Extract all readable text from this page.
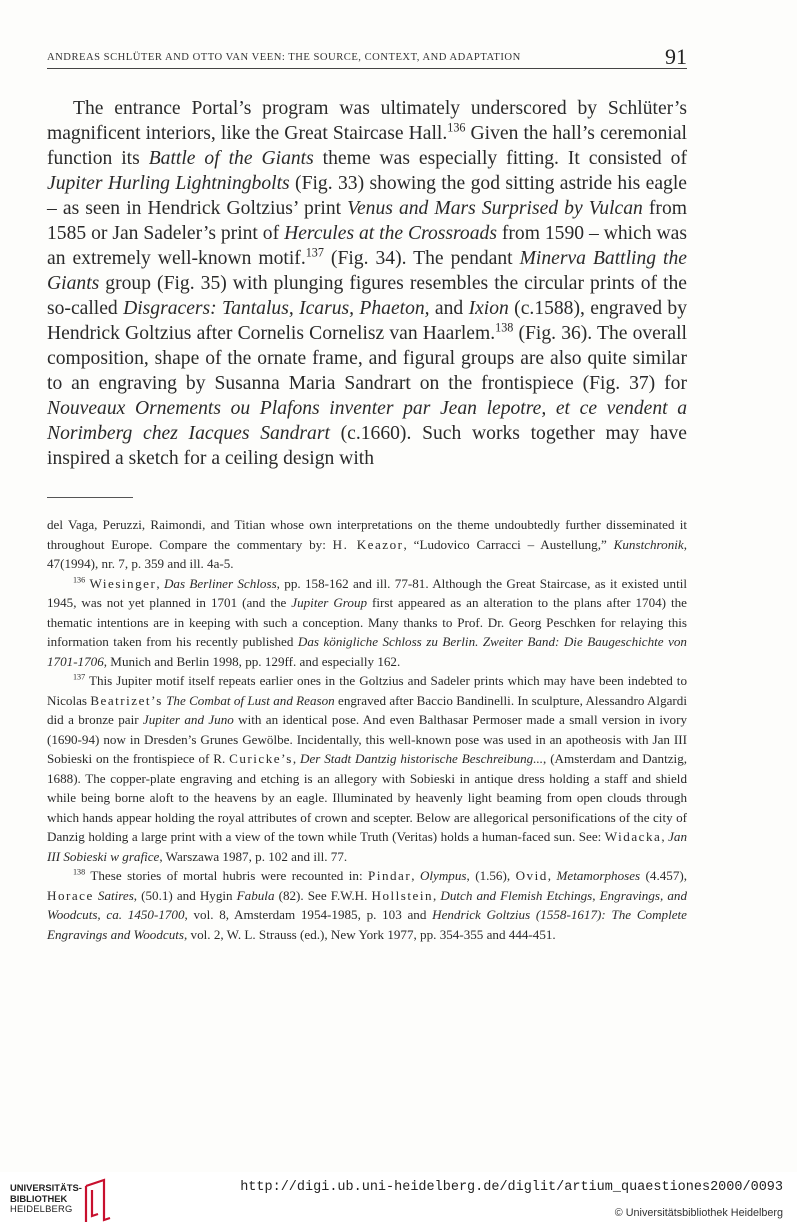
ANDREAS SCHLÜTER AND OTTO VAN VEEN: THE SOURCE, CONTEXT, AND ADAPTATION	91

The entrance Portal’s program was ultimately underscored by Schlüter’s magnificent interiors, like the Great Staircase Hall.$^{136}$ Given the hall’s ceremonial function its Battle of the Giants theme was especially fitting. It consisted of Jupiter Hurling Lightningbolts (Fig. 33) showing the god sitting astride his eagle – as seen in Hendrick Goltzius’ print Venus and Mars Surprised by Vulcan from 1585 or Jan Sadeler’s print of Hercules at the Crossroads from 1590 – which was an extremely well-known motif.$^{137}$ (Fig. 34). The pendant Minerva Battling the Giants group (Fig. 35) with plunging figures resembles the circular prints of the so-called Disgracers: Tantalus, Icarus, Phaeton, and Ixion (c.1588), engraved by Hendrick Goltzius after Cornelis Cornelisz van Haarlem.$^{138}$ (Fig. 36). The overall composition, shape of the ornate frame, and figural groups are also quite similar to an engraving by Susanna Maria Sandrart on the frontispiece (Fig. 37) for Nouveaux Ornements ou Plafons inventer par Jean lepotre, et ce vendent a Norimberg chez Iacques Sandrart (c.1660). Such works together may have inspired a sketch for a ceiling design with

del Vaga, Peruzzi, Raimondi, and Titian whose own interpretations on the theme undoubtedly further disseminated it throughout Europe. Compare the commentary by: H. Keazor, “Ludovico Carracci – Austellung,” Kunstchronik, 47(1994), nr. 7, p. 359 and ill. 4a-5.

$^{136}$ Wiesinger, Das Berliner Schloss, pp. 158-162 and ill. 77-81. Although the Great Staircase, as it existed until 1945, was not yet planned in 1701 (and the Jupiter Group first appeared as an alteration to the plans after 1704) the thematic intentions are in keeping with such a conception. Many thanks to Prof. Dr. Georg Peschken for relaying this information taken from his recently published Das königliche Schloss zu Berlin. Zweiter Band: Die Baugeschichte von 1701-1706, Munich and Berlin 1998, pp. 129ff. and especially 162.

$^{137}$ This Jupiter motif itself repeats earlier ones in the Goltzius and Sadeler prints which may have been indebted to Nicolas Beatrizet’s The Combat of Lust and Reason engraved after Baccio Bandinelli. In sculpture, Alessandro Algardi did a bronze pair Jupiter and Juno with an identical pose. And even Balthasar Permoser made a small version in ivory (1690-94) now in Dresden’s Grunes Gewölbe. Incidentally, this well-known pose was used in an apotheosis with Jan III Sobieski on the frontispiece of R. Curicke’s, Der Stadt Dantzig historische Beschreibung..., (Amsterdam and Dantzig, 1688). The copper-plate engraving and etching is an allegory with Sobieski in antique dress holding a staff and shield while being borne aloft to the heavens by an eagle. Illuminated by heavenly light beaming from open clouds through which hands appear holding the royal attributes of crown and scepter. Below are allegorical personifications of the city of Danzig holding a large print with a view of the town while Truth (Veritas) holds a human-faced sun. See: Widacka, Jan III Sobieski w grafice, Warszawa 1987, p. 102 and ill. 77.

$^{138}$ These stories of mortal hubris were recounted in: Pindar, Olympus, (1.56), Ovid, Metamorphoses (4.457), Horace Satires, (50.1) and Hygin Fabula (82). See F.W.H. Hollstein, Dutch and Flemish Etchings, Engravings, and Woodcuts, ca. 1450-1700, vol. 8, Amsterdam 1954-1985, p. 103 and Hendrick Goltzius (1558-1617): The Complete Engravings and Woodcuts, vol. 2, W. L. Strauss (ed.), New York 1977, pp. 354-355 and 444-451.

UNIVERSITÄTS-
BIBLIOTHEK
HEIDELBERG
http://digi.ub.uni-heidelberg.de/diglit/artium_quaestiones2000/0093
© Universitätsbibliothek Heidelberg
